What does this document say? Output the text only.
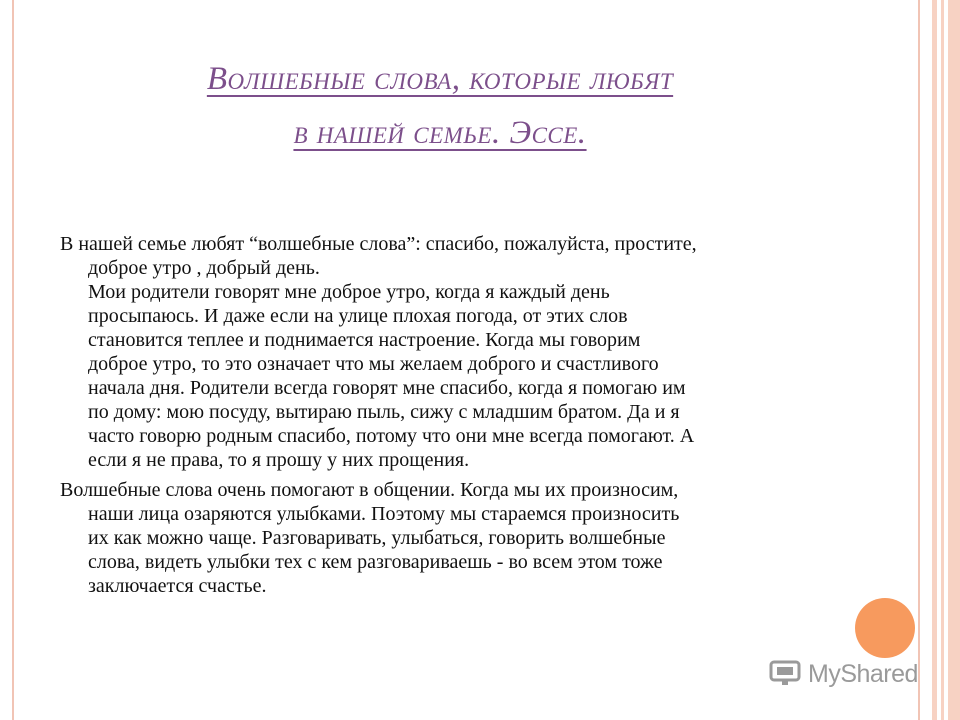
Волшебные слова, которые любят
в нашей семье. Эссе.
В нашей семье любят “волшебные слова”: спасибо, пожалуйста, простите,
доброе утро , добрый день.
Мои родители говорят мне доброе утро, когда я каждый день
просыпаюсь. И даже если на улице плохая погода, от этих слов
становится теплее и поднимается настроение. Когда мы говорим
доброе утро, то это означает что мы желаем доброго и счастливого
начала дня. Родители всегда говорят мне спасибо, когда я помогаю им
по дому: мою посуду, вытираю пыль, сижу с младшим братом. Да и я
часто говорю родным спасибо, потому что они мне всегда помогают. А
если я не права, то я прошу у них прощения.
Волшебные слова очень помогают в общении. Когда мы их произносим,
наши лица озаряются улыбками. Поэтому мы стараемся произносить
их как можно чаще. Разговаривать, улыбаться, говорить волшебные
слова, видеть улыбки тех с кем разговариваешь - во всем этом тоже
заключается счастье.
MyShared
